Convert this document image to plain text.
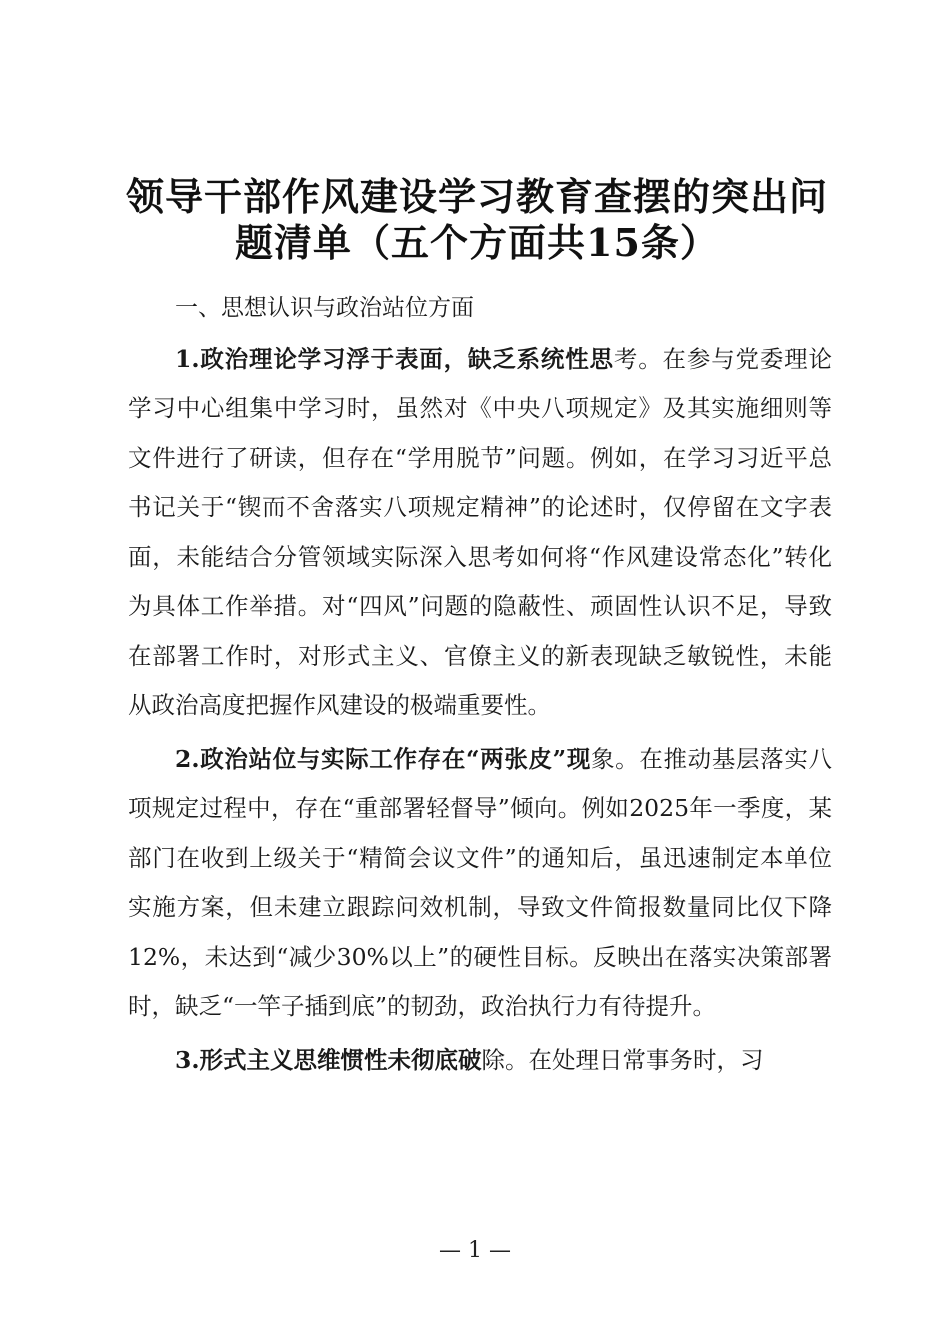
领导干部作风建设学习教育查摆的突出问题清单（五个方面共15条）
一、思想认识与政治站位方面

1.政治理论学习浮于表面，缺乏系统性思考。在参与党委理论学习中心组集中学习时，虽然对《中央八项规定》及其实施细则等文件进行了研读，但存在“学用脱节”问题。例如，在学习习近平总书记关于“锲而不舍落实八项规定精神”的论述时，仅停留在文字表面，未能结合分管领域实际深入思考如何将“作风建设常态化”转化为具体工作举措。对“四风”问题的隐蔽性、顽固性认识不足，导致在部署工作时，对形式主义、官僚主义的新表现缺乏敏锐性，未能从政治高度把握作风建设的极端重要性。

2.政治站位与实际工作存在“两张皮”现象。在推动基层落实八项规定过程中，存在“重部署轻督导”倾向。例如2025年一季度，某部门在收到上级关于“精简会议文件”的通知后，虽迅速制定本单位实施方案，但未建立跟踪问效机制，导致文件简报数量同比仅下降12%，未达到“减少30%以上”的硬性目标。反映出在落实决策部署时，缺乏“一竿子插到底”的韧劲，政治执行力有待提升。

3.形式主义思维惯性未彻底破除。在处理日常事务时，习

— 1 —
